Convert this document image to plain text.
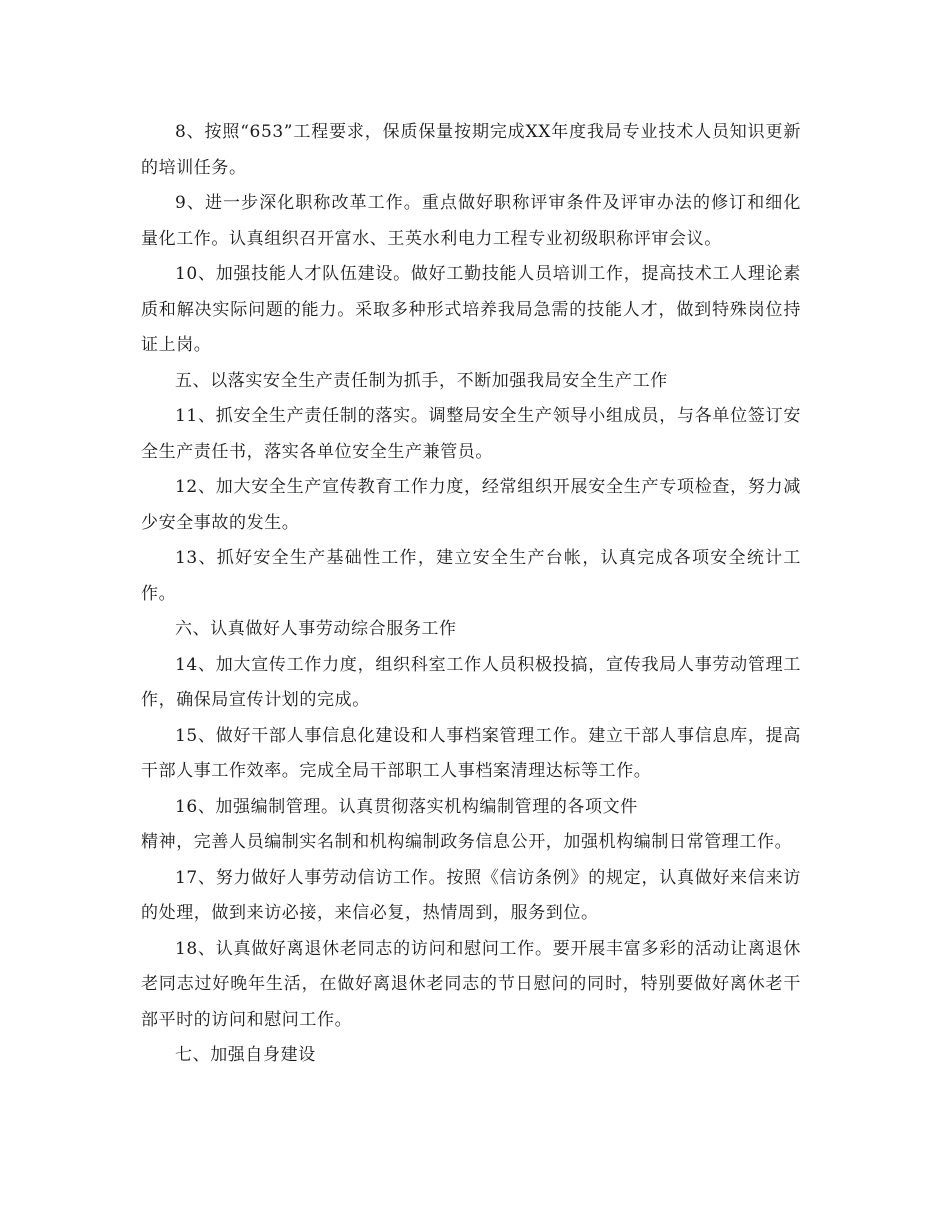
8、按照“653”工程要求，保质保量按期完成XX年度我局专业技术人员知识更新的培训任务。

9、进一步深化职称改革工作。重点做好职称评审条件及评审办法的修订和细化量化工作。认真组织召开富水、王英水利电力工程专业初级职称评审会议。

10、加强技能人才队伍建设。做好工勤技能人员培训工作，提高技术工人理论素质和解决实际问题的能力。采取多种形式培养我局急需的技能人才，做到特殊岗位持证上岗。

五、以落实安全生产责任制为抓手，不断加强我局安全生产工作

11、抓安全生产责任制的落实。调整局安全生产领导小组成员，与各单位签订安全生产责任书，落实各单位安全生产兼管员。

12、加大安全生产宣传教育工作力度，经常组织开展安全生产专项检查，努力减少安全事故的发生。

13、抓好安全生产基础性工作，建立安全生产台帐，认真完成各项安全统计工作。

六、认真做好人事劳动综合服务工作

14、加大宣传工作力度，组织科室工作人员积极投搞，宣传我局人事劳动管理工作，确保局宣传计划的完成。

15、做好干部人事信息化建设和人事档案管理工作。建立干部人事信息库，提高干部人事工作效率。完成全局干部职工人事档案清理达标等工作。

16、加强编制管理。认真贯彻落实机构编制管理的各项文件

精神，完善人员编制实名制和机构编制政务信息公开，加强机构编制日常管理工作。

17、努力做好人事劳动信访工作。按照《信访条例》的规定，认真做好来信来访的处理，做到来访必接，来信必复，热情周到，服务到位。

18、认真做好离退休老同志的访问和慰问工作。要开展丰富多彩的活动让离退休老同志过好晚年生活，在做好离退休老同志的节日慰问的同时，特别要做好离休老干部平时的访问和慰问工作。

七、加强自身建设
